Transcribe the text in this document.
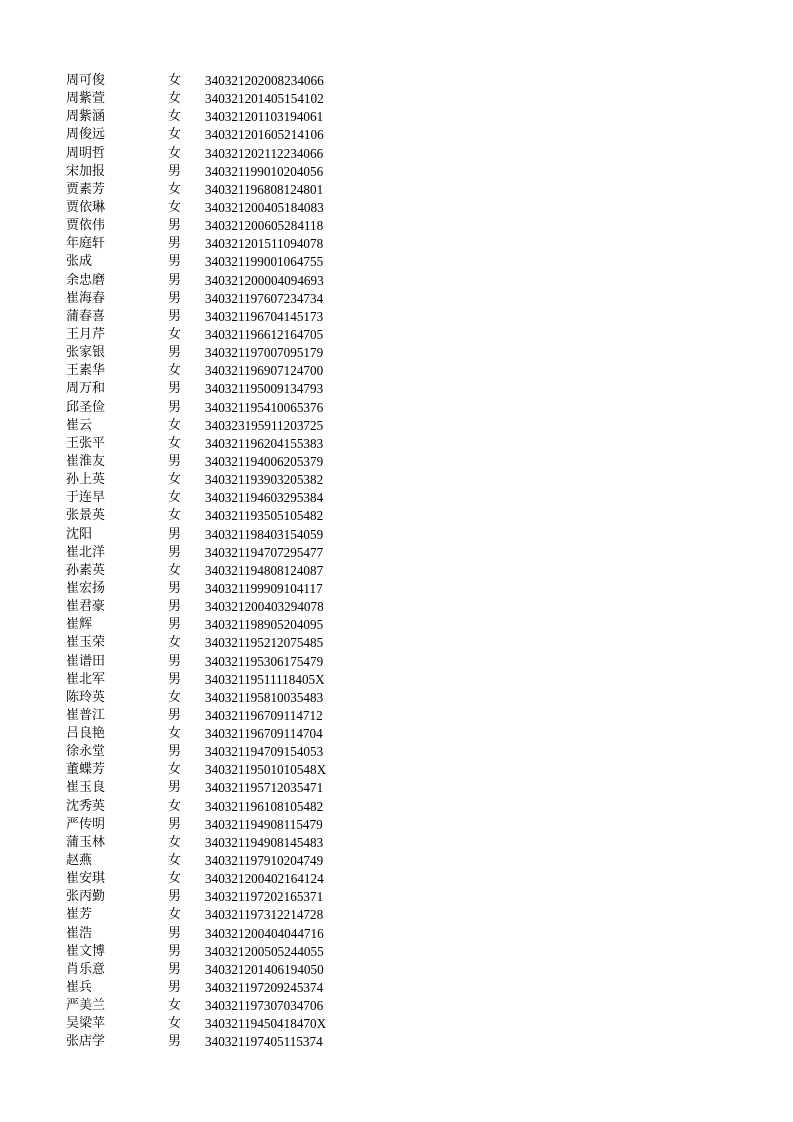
周可俊	女	340321202008234066
周紫萱	女	340321201405154102
周紫涵	女	340321201103194061
周俊远	女	340321201605214106
周明哲	女	340321202112234066
宋加报	男	340321199010204056
贾素芳	女	340321196808124801
贾依琳	女	340321200405184083
贾依伟	男	340321200605284118
年庭轩	男	340321201511094078
张成	男	340321199001064755
余忠磨	男	340321200004094693
崔海春	男	340321197607234734
蒲春喜	男	340321196704145173
王月芹	女	340321196612164705
张家银	男	340321197007095179
王素华	女	340321196907124700
周万和	男	340321195009134793
邱圣俭	男	340321195410065376
崔云	女	340323195911203725
王张平	女	340321196204155383
崔淮友	男	340321194006205379
孙上英	女	340321193903205382
于连早	女	340321194603295384
张景英	女	340321193505105482
沈阳	男	340321198403154059
崔北洋	男	340321194707295477
孙素英	女	340321194808124087
崔宏扬	男	340321199909104117
崔君豪	男	340321200403294078
崔辉	男	340321198905204095
崔玉荣	女	340321195212075485
崔谱田	男	340321195306175479
崔北军	男	34032119511118405X
陈玲英	女	340321195810035483
崔普江	男	340321196709114712
吕良艳	女	340321196709114704
徐永堂	男	340321194709154053
董蝶芳	女	34032119501010548X
崔玉良	男	340321195712035471
沈秀英	女	340321196108105482
严传明	男	340321194908115479
蒲玉林	女	340321194908145483
赵燕	女	340321197910204749
崔安琪	女	340321200402164124
张丙勤	男	340321197202165371
崔芳	女	340321197312214728
崔浩	男	340321200404044716
崔文博	男	340321200505244055
肖乐意	男	340321201406194050
崔兵	男	340321197209245374
严美兰	女	340321197307034706
吴梁苹	女	34032119450418470X
张店学	男	340321197405115374
